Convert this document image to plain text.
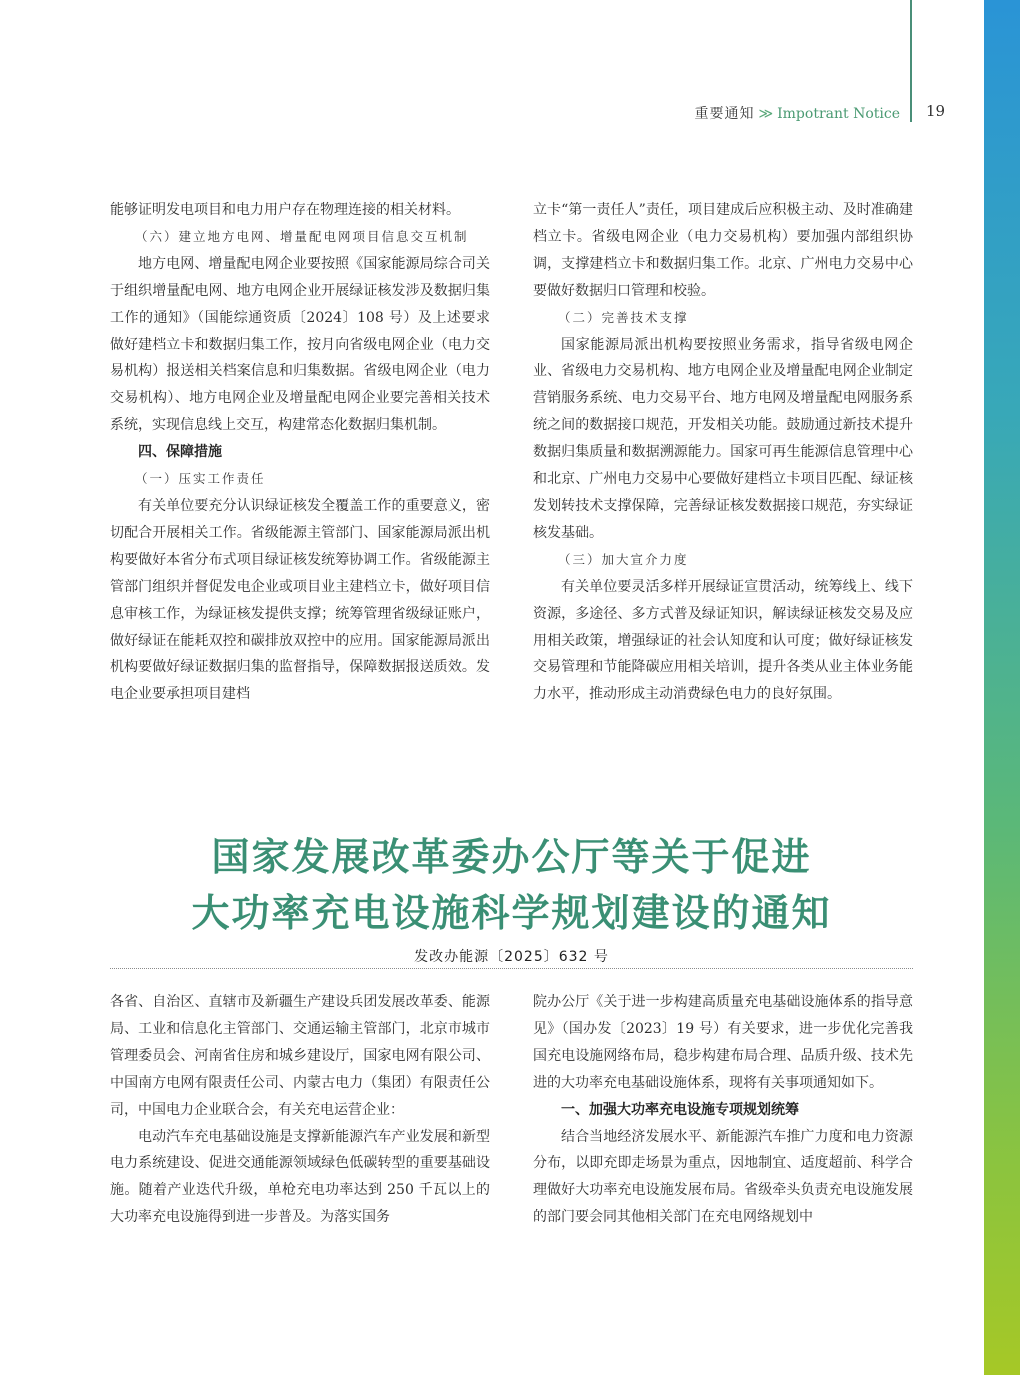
重要通知 ≫ Impotrant Notice 19

能够证明发电项目和电力用户存在物理连接的相关材料。

（六）建立地方电网、增量配电网项目信息交互机制

地方电网、增量配电网企业要按照《国家能源局综合司关于组织增量配电网、地方电网企业开展绿证核发涉及数据归集工作的通知》（国能综通资质〔2024〕108 号）及上述要求做好建档立卡和数据归集工作，按月向省级电网企业（电力交易机构）报送相关档案信息和归集数据。省级电网企业（电力交易机构）、地方电网企业及增量配电网企业要完善相关技术系统，实现信息线上交互，构建常态化数据归集机制。

四、保障措施

（一）压实工作责任

有关单位要充分认识绿证核发全覆盖工作的重要意义，密切配合开展相关工作。省级能源主管部门、国家能源局派出机构要做好本省分布式项目绿证核发统筹协调工作。省级能源主管部门组织并督促发电企业或项目业主建档立卡，做好项目信息审核工作，为绿证核发提供支撑；统筹管理省级绿证账户，做好绿证在能耗双控和碳排放双控中的应用。国家能源局派出机构要做好绿证数据归集的监督指导，保障数据报送质效。发电企业要承担项目建档

立卡“第一责任人”责任，项目建成后应积极主动、及时准确建档立卡。省级电网企业（电力交易机构）要加强内部组织协调，支撑建档立卡和数据归集工作。北京、广州电力交易中心要做好数据归口管理和校验。

（二）完善技术支撑

国家能源局派出机构要按照业务需求，指导省级电网企业、省级电力交易机构、地方电网企业及增量配电网企业制定营销服务系统、电力交易平台、地方电网及增量配电网服务系统之间的数据接口规范，开发相关功能。鼓励通过新技术提升数据归集质量和数据溯源能力。国家可再生能源信息管理中心和北京、广州电力交易中心要做好建档立卡项目匹配、绿证核发划转技术支撑保障，完善绿证核发数据接口规范，夯实绿证核发基础。

（三）加大宣介力度

有关单位要灵活多样开展绿证宣贯活动，统筹线上、线下资源，多途径、多方式普及绿证知识，解读绿证核发交易及应用相关政策，增强绿证的社会认知度和认可度；做好绿证核发交易管理和节能降碳应用相关培训，提升各类从业主体业务能力水平，推动形成主动消费绿色电力的良好氛围。

国家发展改革委办公厅等关于促进
大功率充电设施科学规划建设的通知
发改办能源〔2025〕632 号

各省、自治区、直辖市及新疆生产建设兵团发展改革委、能源局、工业和信息化主管部门、交通运输主管部门，北京市城市管理委员会、河南省住房和城乡建设厅，国家电网有限公司、中国南方电网有限责任公司、内蒙古电力（集团）有限责任公司，中国电力企业联合会，有关充电运营企业：

电动汽车充电基础设施是支撑新能源汽车产业发展和新型电力系统建设、促进交通能源领域绿色低碳转型的重要基础设施。随着产业迭代升级，单枪充电功率达到 250 千瓦以上的大功率充电设施得到进一步普及。为落实国务

院办公厅《关于进一步构建高质量充电基础设施体系的指导意见》（国办发〔2023〕19 号）有关要求，进一步优化完善我国充电设施网络布局，稳步构建布局合理、品质升级、技术先进的大功率充电基础设施体系，现将有关事项通知如下。

一、加强大功率充电设施专项规划统筹

结合当地经济发展水平、新能源汽车推广力度和电力资源分布，以即充即走场景为重点，因地制宜、适度超前、科学合理做好大功率充电设施发展布局。省级牵头负责充电设施发展的部门要会同其他相关部门在充电网络规划中
